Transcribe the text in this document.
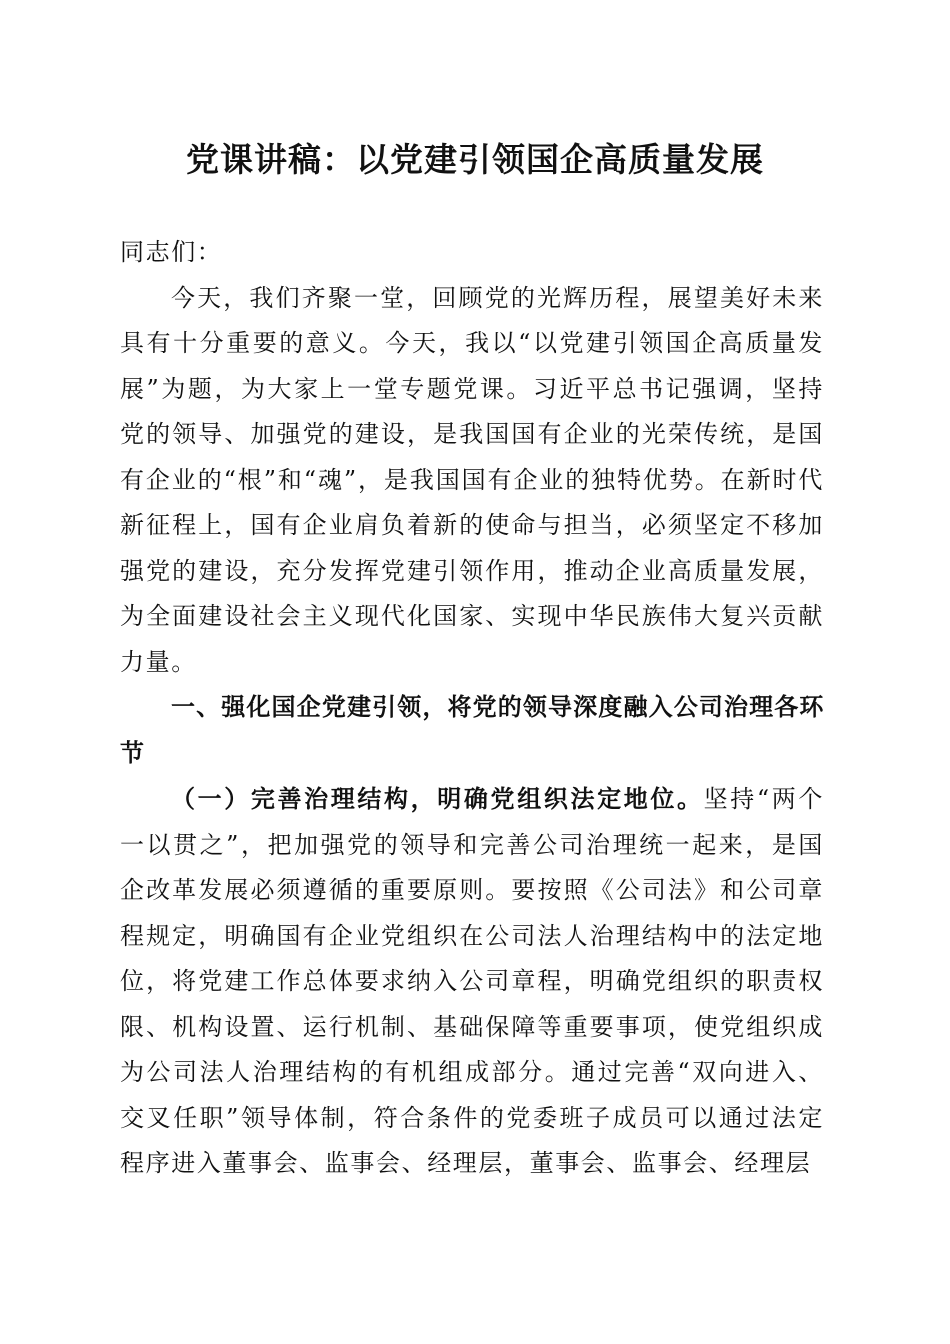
党课讲稿：以党建引领国企高质量发展

同志们：

今天，我们齐聚一堂，回顾党的光辉历程，展望美好未来具有十分重要的意义。今天，我以“以党建引领国企高质量发展”为题，为大家上一堂专题党课。习近平总书记强调，坚持党的领导、加强党的建设，是我国国有企业的光荣传统，是国有企业的“根”和“魂”，是我国国有企业的独特优势。在新时代新征程上，国有企业肩负着新的使命与担当，必须坚定不移加强党的建设，充分发挥党建引领作用，推动企业高质量发展，为全面建设社会主义现代化国家、实现中华民族伟大复兴贡献力量。

一、强化国企党建引领，将党的领导深度融入公司治理各环节

（一）完善治理结构，明确党组织法定地位。坚持“两个一以贯之”，把加强党的领导和完善公司治理统一起来，是国企改革发展必须遵循的重要原则。要按照《公司法》和公司章程规定，明确国有企业党组织在公司法人治理结构中的法定地位，将党建工作总体要求纳入公司章程，明确党组织的职责权限、机构设置、运行机制、基础保障等重要事项，使党组织成为公司法人治理结构的有机组成部分。通过完善“双向进入、交叉任职”领导体制，符合条件的党委班子成员可以通过法定程序进入董事会、监事会、经理层，董事会、监事会、经理层
